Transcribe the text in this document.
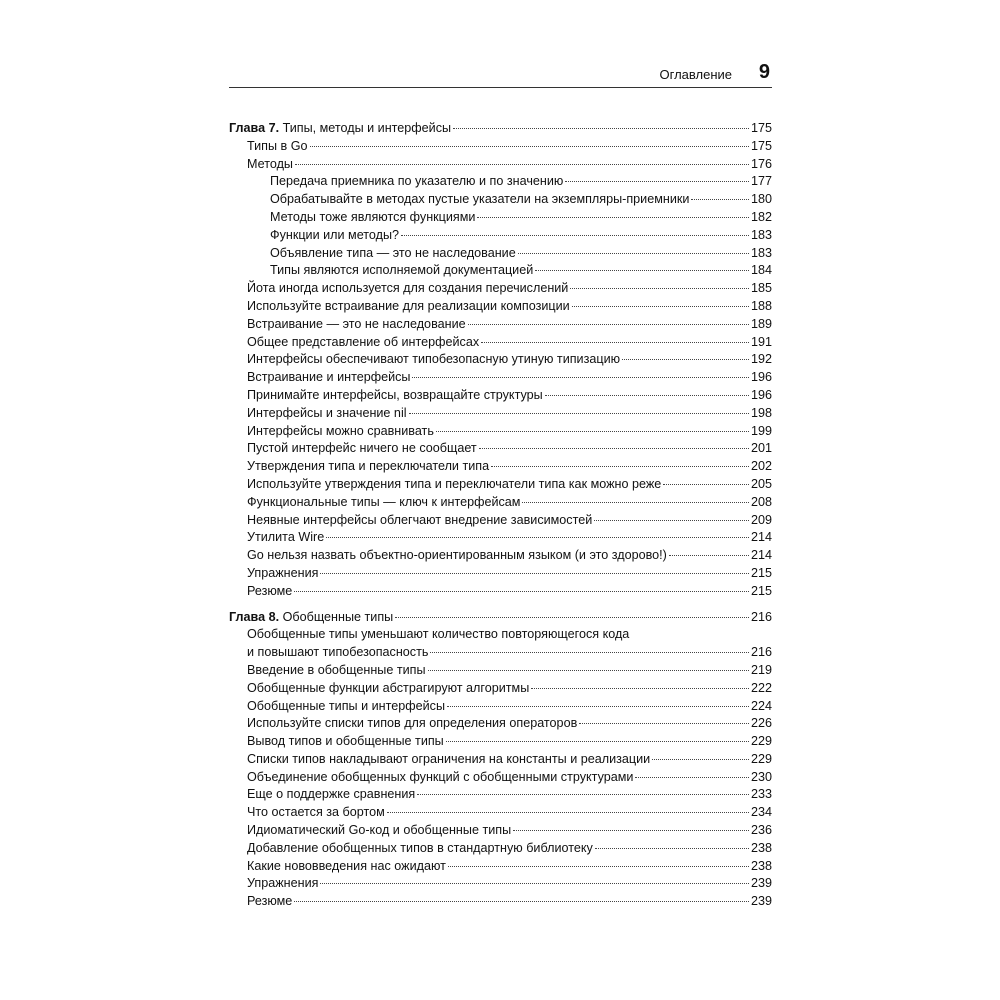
Оглавление 9
Глава 7. Типы, методы и интерфейсы	175
Типы в Go	175
Методы	176
Передача приемника по указателю и по значению	177
Обрабатывайте в методах пустые указатели на экземпляры-приемники	180
Методы тоже являются функциями	182
Функции или методы?	183
Объявление типа — это не наследование	183
Типы являются исполняемой документацией	184
Йота иногда используется для создания перечислений	185
Используйте встраивание для реализации композиции	188
Встраивание — это не наследование	189
Общее представление об интерфейсах	191
Интерфейсы обеспечивают типобезопасную утиную типизацию	192
Встраивание и интерфейсы	196
Принимайте интерфейсы, возвращайте структуры	196
Интерфейсы и значение nil	198
Интерфейсы можно сравнивать	199
Пустой интерфейс ничего не сообщает	201
Утверждения типа и переключатели типа	202
Используйте утверждения типа и переключатели типа как можно реже	205
Функциональные типы — ключ к интерфейсам	208
Неявные интерфейсы облегчают внедрение зависимостей	209
Утилита Wire	214
Go нельзя назвать объектно-ориентированным языком (и это здорово!)	214
Упражнения	215
Резюме	215
Глава 8. Обобщенные типы	216
Обобщенные типы уменьшают количество повторяющегося кода
и повышают типобезопасность	216
Введение в обобщенные типы	219
Обобщенные функции абстрагируют алгоритмы	222
Обобщенные типы и интерфейсы	224
Используйте списки типов для определения операторов	226
Вывод типов и обобщенные типы	229
Списки типов накладывают ограничения на константы и реализации	229
Объединение обобщенных функций с обобщенными структурами	230
Еще о поддержке сравнения	233
Что остается за бортом	234
Идиоматический Go-код и обобщенные типы	236
Добавление обобщенных типов в стандартную библиотеку	238
Какие нововведения нас ожидают	238
Упражнения	239
Резюме	239
